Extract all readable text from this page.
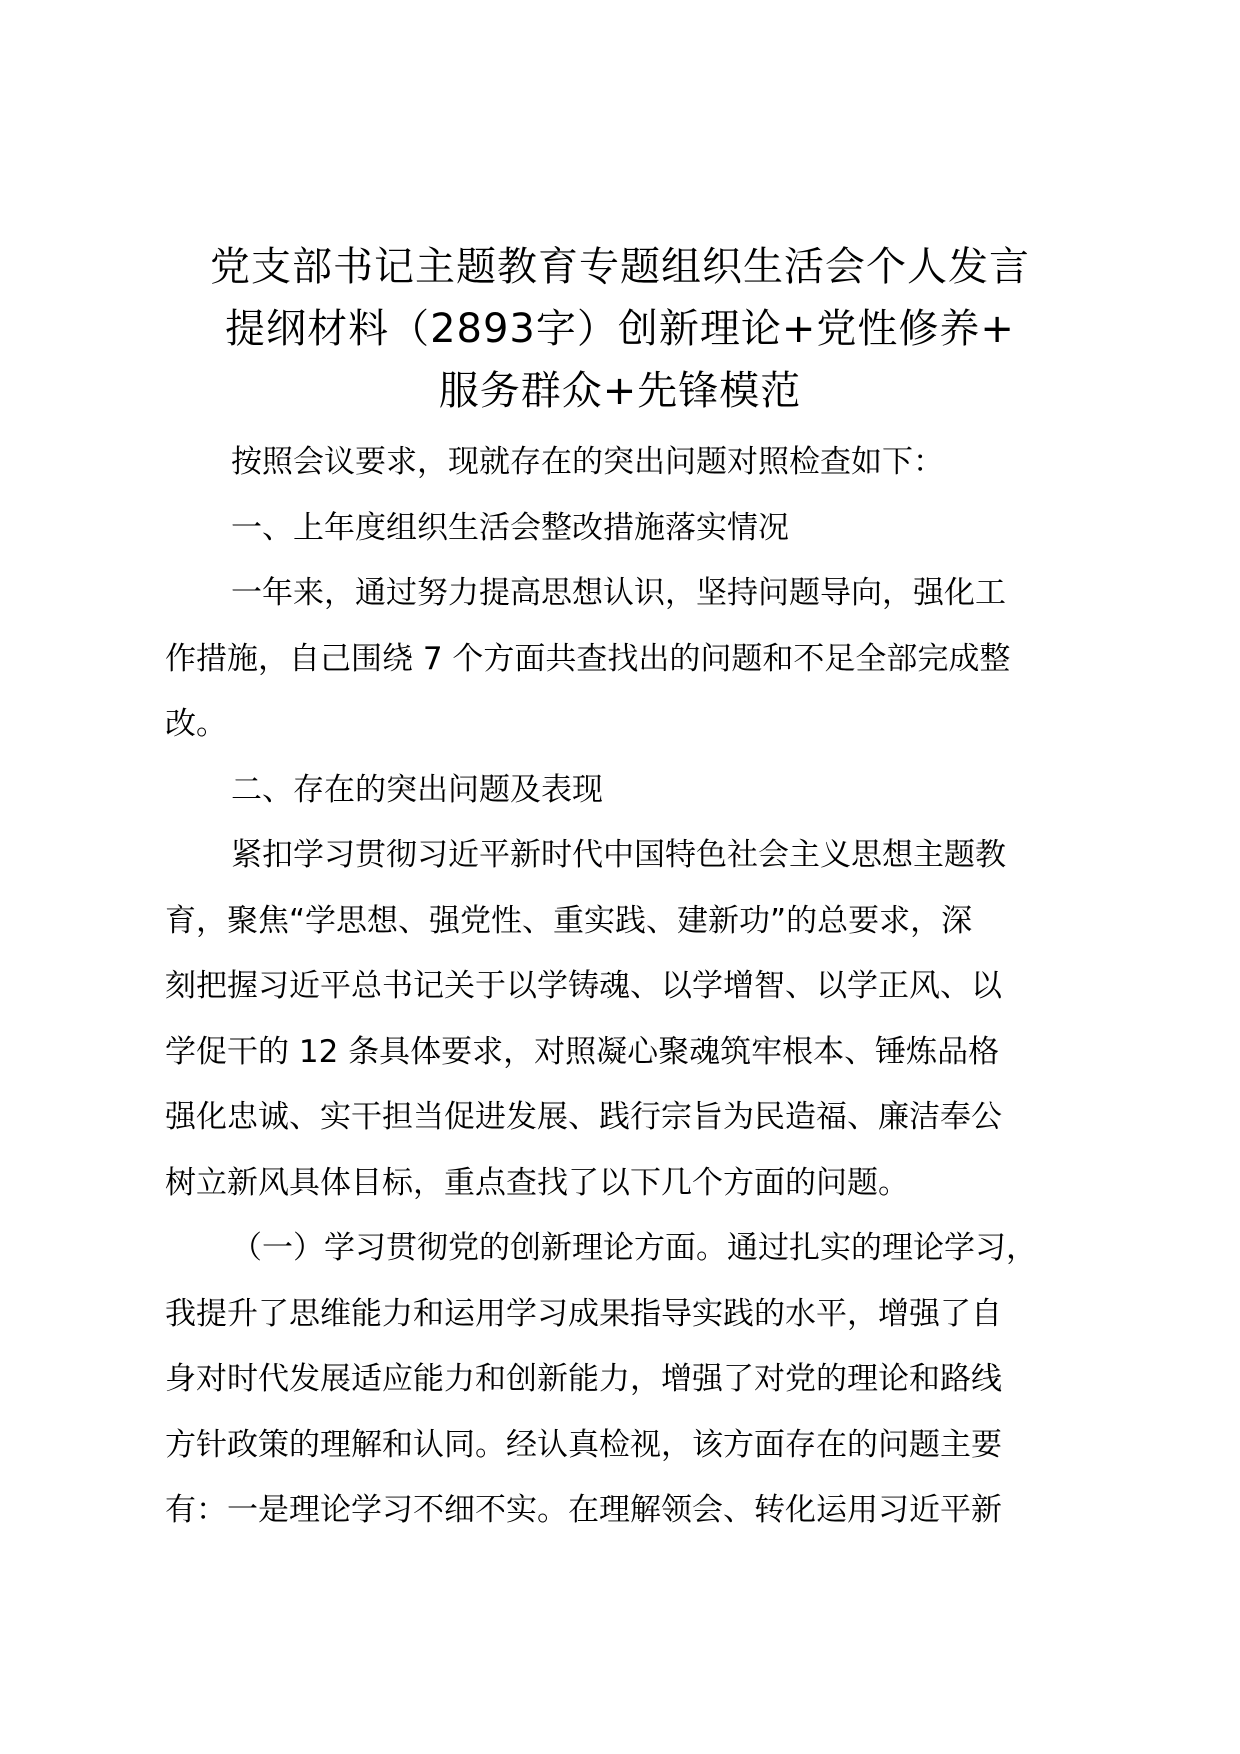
党支部书记主题教育专题组织生活会个人发言
提纲材料（2893字）创新理论+党性修养+
服务群众+先锋模范
按照会议要求，现就存在的突出问题对照检查如下：
一、上年度组织生活会整改措施落实情况
一年来，通过努力提高思想认识，坚持问题导向，强化工
作措施，自己围绕 7 个方面共查找出的问题和不足全部完成整
改。
二、存在的突出问题及表现
紧扣学习贯彻习近平新时代中国特色社会主义思想主题教
育，聚焦“学思想、强党性、重实践、建新功”的总要求，深
刻把握习近平总书记关于以学铸魂、以学增智、以学正风、以
学促干的 12 条具体要求，对照凝心聚魂筑牢根本、锤炼品格
强化忠诚、实干担当促进发展、践行宗旨为民造福、廉洁奉公
树立新风具体目标，重点查找了以下几个方面的问题。
（一）学习贯彻党的创新理论方面。通过扎实的理论学习，
我提升了思维能力和运用学习成果指导实践的水平，增强了自
身对时代发展适应能力和创新能力，增强了对党的理论和路线
方针政策的理解和认同。经认真检视，该方面存在的问题主要
有：一是理论学习不细不实。在理解领会、转化运用习近平新
